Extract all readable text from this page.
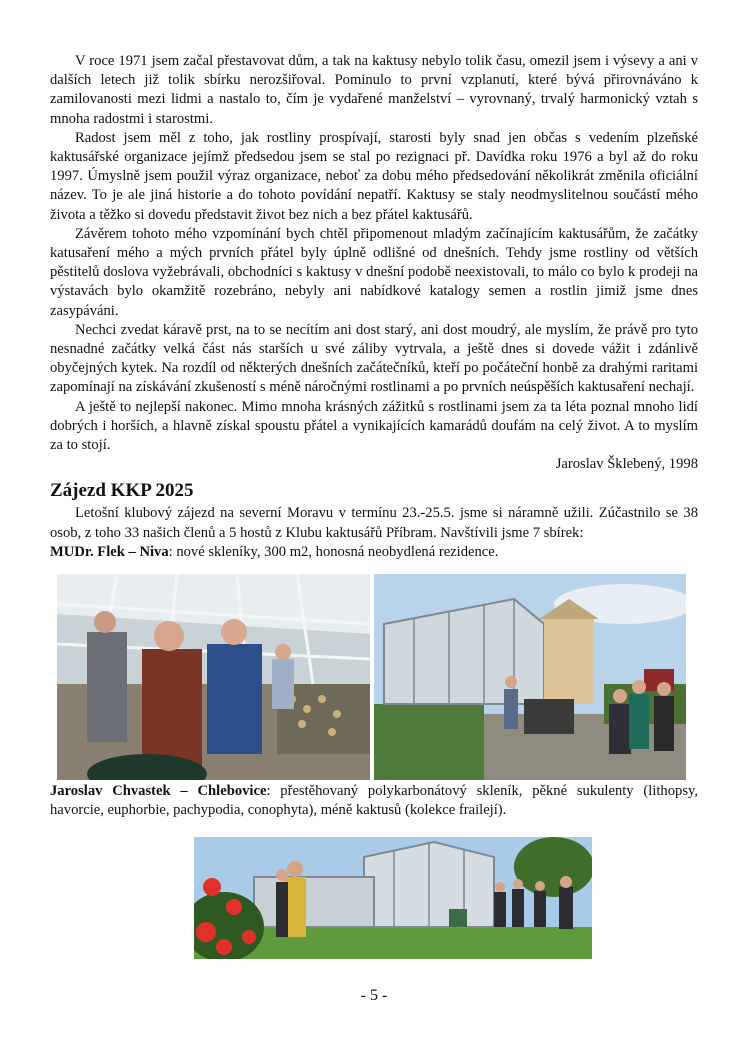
V roce 1971 jsem začal přestavovat dům, a tak na kaktusy nebylo tolik času, omezil jsem i výsevy a ani v dalších letech již tolik sbírku nerozšiřoval. Pominulo to první vzplanutí, které bývá přirovnáváno k zamilovanosti mezi lidmi a nastalo to, čím je vydařené manželství – vyrovnaný, trvalý harmonický vztah s mnoha radostmi i starostmi.

Radost jsem měl z toho, jak rostliny prospívají, starosti byly snad jen občas s vedením plzeňské kaktusářské organizace jejímž předsedou jsem se stal po rezignaci př. Davídka roku 1976 a byl až do roku 1997. Úmyslně jsem použil výraz organizace, neboť za dobu mého předsedování několikrát změnila oficiální název. To je ale jiná historie a do tohoto povídání nepatří. Kaktusy se staly neodmyslitelnou součástí mého života a těžko si dovedu představit život bez nich a bez přátel kaktusářů.

Závěrem tohoto mého vzpomínání bych chtěl připomenout mladým začínajícím kaktusářům, že začátky katusaření mého a mých prvních přátel byly úplně odlišné od dnešních. Tehdy jsme rostliny od větších pěstitelů doslova vyžebrávali, obchodníci s kaktusy v dnešní podobě neexistovali, to málo co bylo k prodeji na výstavách bylo okamžitě rozebráno, nebyly ani nabídkové katalogy semen a rostlin jimiž jsme dnes zasypáváni.

Nechci zvedat káravě prst, na to se necítím ani dost starý, ani dost moudrý, ale myslím, že právě pro tyto nesnadné začátky velká část nás starších u své záliby vytrvala, a ještě dnes si dovede vážit i zdánlivě obyčejných kytek. Na rozdíl od některých dnešních začátečníků, kteří po počáteční honbě za drahými raritami zapomínají na získávání zkušeností s méně náročnými rostlinami a po prvních neúspěších kaktusaření nechají.

A ještě to nejlepší nakonec. Mimo mnoha krásných zážitků s rostlinami jsem za ta léta poznal mnoho lidí dobrých i horších, a hlavně získal spoustu přátel a vynikajících kamarádů doufám na celý život. A to myslím za to stojí.

Jaroslav Šklebený, 1998

Zájezd KKP 2025

Letošní klubový zájezd na severní Moravu v termínu 23.-25.5. jsme si náramně užili. Zúčastnilo se 38 osob, z toho 33 našich členů a 5 hostů z Klubu kaktusářů Příbram. Navštívili jsme 7 sbírek:

MUDr. Flek – Niva: nové skleníky, 300 m2, honosná neobydlená rezidence.

Jaroslav Chvastek – Chlebovice: přestěhovaný polykarbonátový skleník, pěkné sukulenty (lithopsy, havorcie, euphorbie, pachypodia, conophyta), méně kaktusů (kolekce frailejí).

- 5 -
